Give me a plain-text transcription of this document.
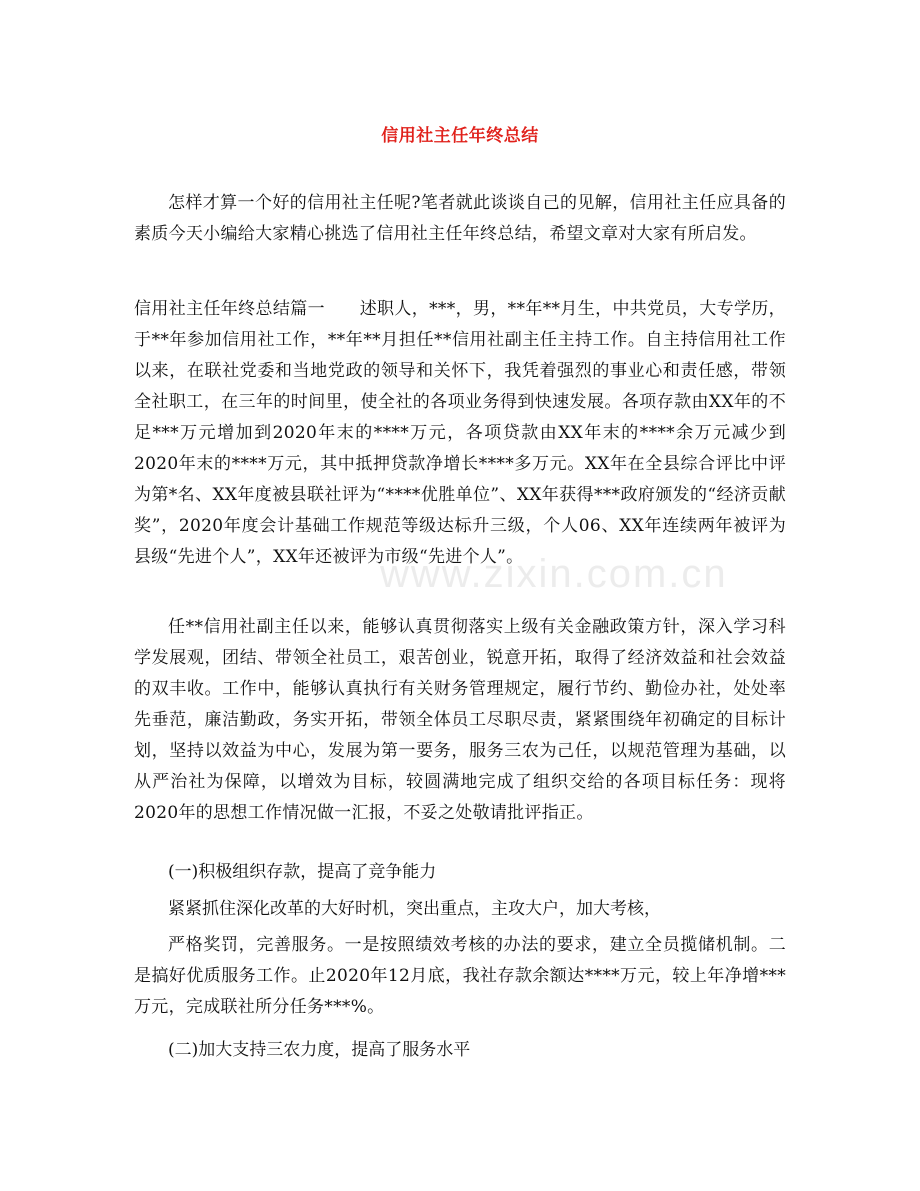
信用社主任年终总结
怎样才算一个好的信用社主任呢?笔者就此谈谈自己的见解，信用社主任应具备的素质今天小编给大家精心挑选了信用社主任年终总结，希望文章对大家有所启发。
信用社主任年终总结篇一　　述职人，***，男，**年**月生，中共党员，大专学历，于**年参加信用社工作，**年**月担任**信用社副主任主持工作。自主持信用社工作以来，在联社党委和当地党政的领导和关怀下，我凭着强烈的事业心和责任感，带领全社职工，在三年的时间里，使全社的各项业务得到快速发展。各项存款由XX年的不足***万元增加到2020年末的****万元，各项贷款由XX年末的****余万元减少到2020年末的****万元，其中抵押贷款净增长****多万元。XX年在全县综合评比中评为第*名、XX年度被县联社评为“****优胜单位”、XX年获得***政府颁发的“经济贡献奖”，2020年度会计基础工作规范等级达标升三级，个人06、XX年连续两年被评为县级“先进个人”，XX年还被评为市级“先进个人”。
www.zixin.com.cn
任**信用社副主任以来，能够认真贯彻落实上级有关金融政策方针，深入学习科学发展观，团结、带领全社员工，艰苦创业，锐意开拓，取得了经济效益和社会效益的双丰收。工作中，能够认真执行有关财务管理规定，履行节约、勤俭办社，处处率先垂范，廉洁勤政，务实开拓，带领全体员工尽职尽责，紧紧围绕年初确定的目标计划，坚持以效益为中心，发展为第一要务，服务三农为己任，以规范管理为基础，以从严治社为保障，以增效为目标，较圆满地完成了组织交给的各项目标任务：现将2020年的思想工作情况做一汇报，不妥之处敬请批评指正。
(一)积极组织存款，提高了竞争能力
紧紧抓住深化改革的大好时机，突出重点，主攻大户，加大考核，
严格奖罚，完善服务。一是按照绩效考核的办法的要求，建立全员揽储机制。二是搞好优质服务工作。止2020年12月底，我社存款余额达****万元，较上年净增***万元，完成联社所分任务***%。
(二)加大支持三农力度，提高了服务水平
